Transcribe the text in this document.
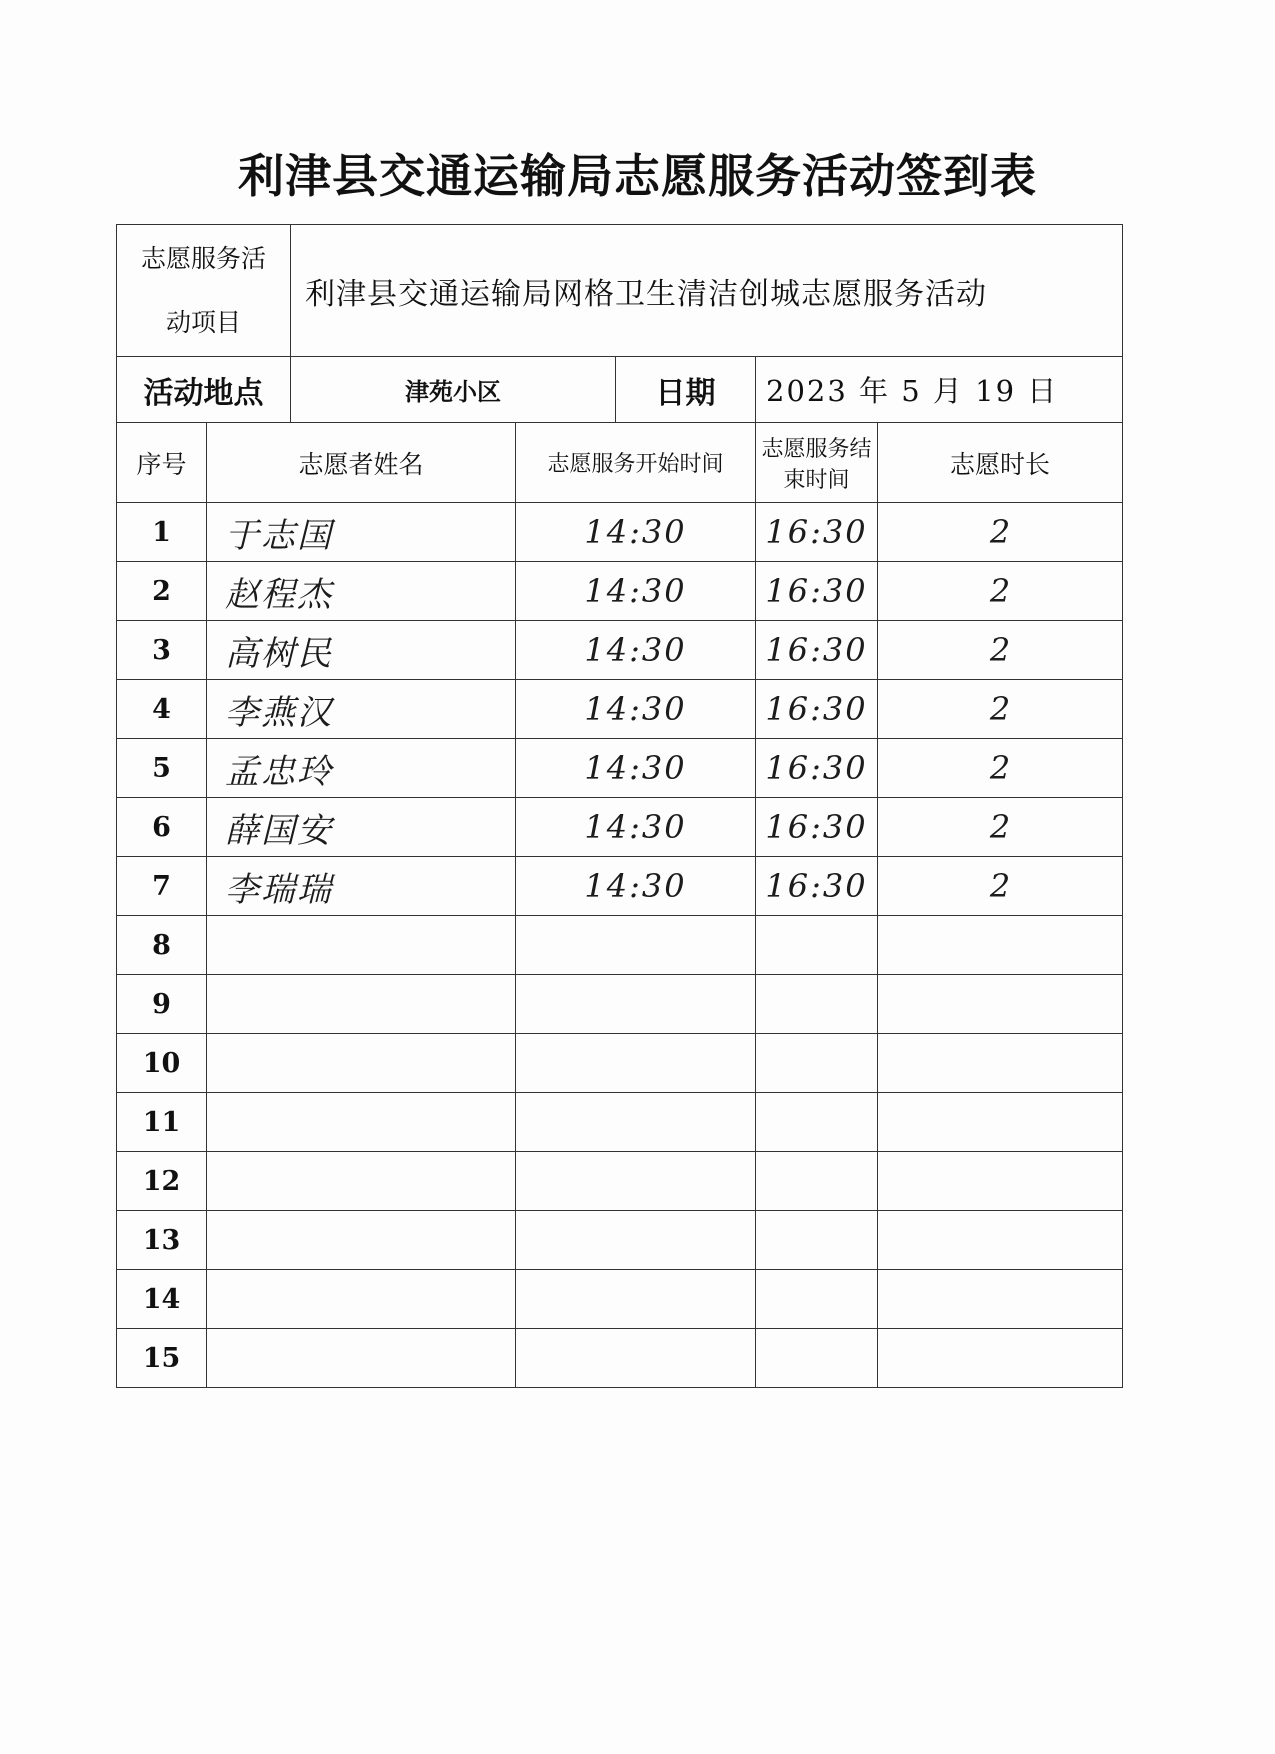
利津县交通运输局志愿服务活动签到表
志愿服务活
动项目		利津县交通运输局网格卫生清洁创城志愿服务活动				
活动地点		津苑小区		日期	2023 年 5 月 19 日	
序号	志愿者姓名		志愿服务开始时间		志愿服务结束时间	志愿时长
1	于志国		14:30		16:30	2
2	赵程杰		14:30		16:30	2
3	高树民		14:30		16:30	2
4	李燕汉		14:30		16:30	2
5	孟忠玲		14:30		16:30	2
6	薛国安		14:30		16:30	2
7	李瑞瑞		14:30		16:30	2
8						
9						
10						
11						
12						
13						
14						
15						
